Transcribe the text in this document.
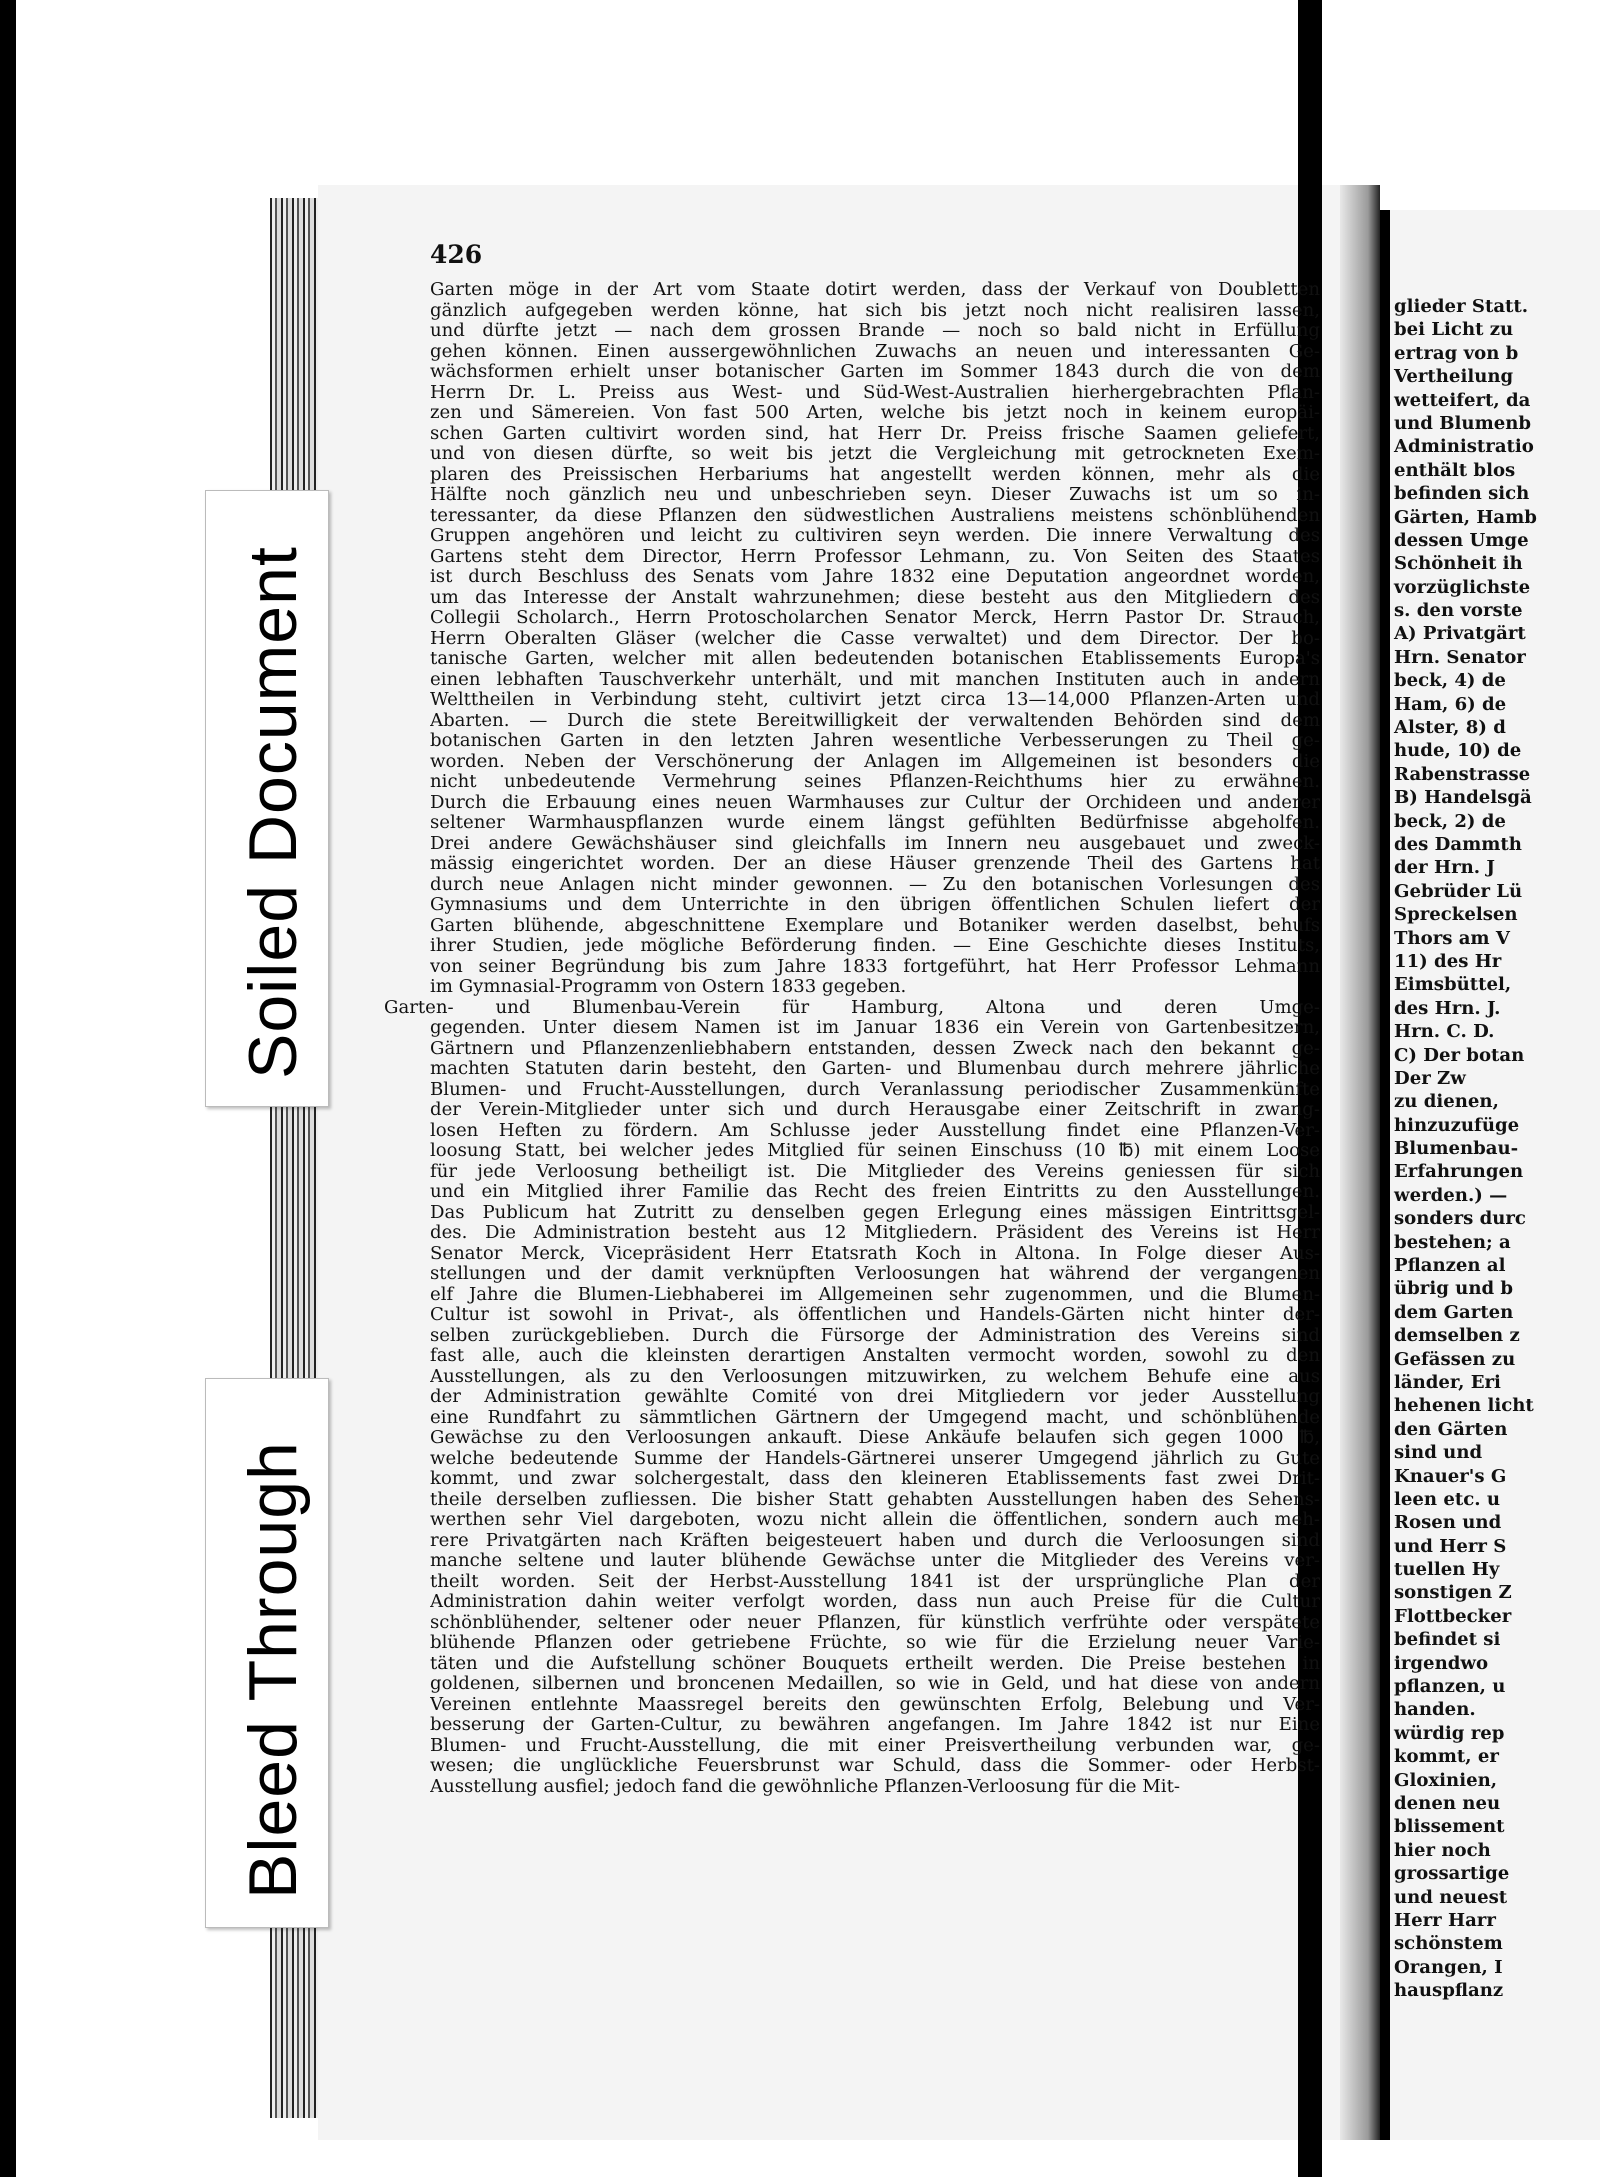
glieder Statt.
bei Licht zu
ertrag von b
Vertheilung
wetteifert, da
und Blumenb
Administratio
enthält blos
befinden sich
Gärten, Hamb
dessen Umge
Schönheit ih
vorzüglichste
s. den vorste
A) Privatgärt
Hrn. Senator
beck, 4) de
Ham, 6) de
Alster, 8) d
hude, 10) de
Rabenstrasse
B) Handelsgä
beck, 2) de
des Dammth
der Hrn. J
Gebrüder Lü
Spreckelsen
Thors am V
11) des Hr
Eimsbüttel,
des Hrn. J.
Hrn. C. D.
C) Der botan
Der Zw
zu dienen,
hinzuzufüge
Blumenbau-
Erfahrungen
werden.) —
sonders durc
bestehen; a
Pflanzen al
übrig und b
dem Garten
demselben z
Gefässen zu
länder, Eri
hehenen licht
den Gärten
sind und
Knauer's G
leen etc. u
Rosen und
und Herr S
tuellen Hy
sonstigen Z
Flottbecker
befindet si
irgendwo
pflanzen, u
handen.
würdig rep
kommt, er
Gloxinien,
denen neu
blissement
hier noch
grossartige
und neuest
Herr Harr
schönstem
Orangen, I
hauspflanz
Soiled Document
Bleed Through
426
Garten möge in der Art vom Staate dotirt werden, dass der Verkauf von Doubletten
gänzlich aufgegeben werden könne, hat sich bis jetzt noch nicht realisiren lassen,
und dürfte jetzt — nach dem grossen Brande — noch so bald nicht in Erfüllung
gehen können. Einen aussergewöhnlichen Zuwachs an neuen und interessanten Ge-
wächsformen erhielt unser botanischer Garten im Sommer 1843 durch die von dem
Herrn Dr. L. Preiss aus West- und Süd-West-Australien hierhergebrachten Pflan-
zen und Sämereien. Von fast 500 Arten, welche bis jetzt noch in keinem europäi-
schen Garten cultivirt worden sind, hat Herr Dr. Preiss frische Saamen geliefert,
und von diesen dürfte, so weit bis jetzt die Vergleichung mit getrockneten Exem-
plaren des Preissischen Herbariums hat angestellt werden können, mehr als die
Hälfte noch gänzlich neu und unbeschrieben seyn. Dieser Zuwachs ist um so in-
teressanter, da diese Pflanzen den südwestlichen Australiens meistens schönblühenden
Gruppen angehören und leicht zu cultiviren seyn werden. Die innere Verwaltung des
Gartens steht dem Director, Herrn Professor Lehmann, zu. Von Seiten des Staates
ist durch Beschluss des Senats vom Jahre 1832 eine Deputation angeordnet worden,
um das Interesse der Anstalt wahrzunehmen; diese besteht aus den Mitgliedern des
Collegii Scholarch., Herrn Protoscholarchen Senator Merck, Herrn Pastor Dr. Strauch,
Herrn Oberalten Gläser (welcher die Casse verwaltet) und dem Director. Der bo-
tanische Garten, welcher mit allen bedeutenden botanischen Etablissements Europa's
einen lebhaften Tauschverkehr unterhält, und mit manchen Instituten auch in andern
Welttheilen in Verbindung steht, cultivirt jetzt circa 13—14,000 Pflanzen-Arten und
Abarten. — Durch die stete Bereitwilligkeit der verwaltenden Behörden sind dem
botanischen Garten in den letzten Jahren wesentliche Verbesserungen zu Theil ge-
worden. Neben der Verschönerung der Anlagen im Allgemeinen ist besonders die
nicht unbedeutende Vermehrung seines Pflanzen-Reichthums hier zu erwähnen.
Durch die Erbauung eines neuen Warmhauses zur Cultur der Orchideen und anderer
seltener Warmhauspflanzen wurde einem längst gefühlten Bedürfnisse abgeholfen.
Drei andere Gewächshäuser sind gleichfalls im Innern neu ausgebauet und zweck-
mässig eingerichtet worden. Der an diese Häuser grenzende Theil des Gartens hat
durch neue Anlagen nicht minder gewonnen. — Zu den botanischen Vorlesungen des
Gymnasiums und dem Unterrichte in den übrigen öffentlichen Schulen liefert der
Garten blühende, abgeschnittene Exemplare und Botaniker werden daselbst, behufs
ihrer Studien, jede mögliche Beförderung finden. — Eine Geschichte dieses Instituts,
von seiner Begründung bis zum Jahre 1833 fortgeführt, hat Herr Professor Lehmann
im Gymnasial-Programm von Ostern 1833 gegeben.
Garten- und Blumenbau-Verein für Hamburg, Altona und deren Umge-
gegenden. Unter diesem Namen ist im Januar 1836 ein Verein von Gartenbesitzern,
Gärtnern und Pflanzenzenliebhabern entstanden, dessen Zweck nach den bekannt ge-
machten Statuten darin besteht, den Garten- und Blumenbau durch mehrere jährliche
Blumen- und Frucht-Ausstellungen, durch Veranlassung periodischer Zusammenkünfte
der Verein-Mitglieder unter sich und durch Herausgabe einer Zeitschrift in zwang-
losen Heften zu fördern. Am Schlusse jeder Ausstellung findet eine Pflanzen-Ver-
loosung Statt, bei welcher jedes Mitglied für seinen Einschuss (10 ℔) mit einem Loose
für jede Verloosung betheiligt ist. Die Mitglieder des Vereins geniessen für sich
und ein Mitglied ihrer Familie das Recht des freien Eintritts zu den Ausstellungen.
Das Publicum hat Zutritt zu denselben gegen Erlegung eines mässigen Eintrittsgel-
des. Die Administration besteht aus 12 Mitgliedern. Präsident des Vereins ist Herr
Senator Merck, Vicepräsident Herr Etatsrath Koch in Altona. In Folge dieser Aus-
stellungen und der damit verknüpften Verloosungen hat während der vergangenen
elf Jahre die Blumen-Liebhaberei im Allgemeinen sehr zugenommen, und die Blumen-
Cultur ist sowohl in Privat-, als öffentlichen und Handels-Gärten nicht hinter der-
selben zurückgeblieben. Durch die Fürsorge der Administration des Vereins sind
fast alle, auch die kleinsten derartigen Anstalten vermocht worden, sowohl zu den
Ausstellungen, als zu den Verloosungen mitzuwirken, zu welchem Behufe eine aus
der Administration gewählte Comité von drei Mitgliedern vor jeder Ausstellung
eine Rundfahrt zu sämmtlichen Gärtnern der Umgegend macht, und schönblühende
Gewächse zu den Verloosungen ankauft. Diese Ankäufe belaufen sich gegen 1000 ℔,
welche bedeutende Summe der Handels-Gärtnerei unserer Umgegend jährlich zu Gute
kommt, und zwar solchergestalt, dass den kleineren Etablissements fast zwei Drit-
theile derselben zufliessen. Die bisher Statt gehabten Ausstellungen haben des Sehens-
werthen sehr Viel dargeboten, wozu nicht allein die öffentlichen, sondern auch meh-
rere Privatgärten nach Kräften beigesteuert haben und durch die Verloosungen sind
manche seltene und lauter blühende Gewächse unter die Mitglieder des Vereins ver-
theilt worden. Seit der Herbst-Ausstellung 1841 ist der ursprüngliche Plan der
Administration dahin weiter verfolgt worden, dass nun auch Preise für die Cultur
schönblühender, seltener oder neuer Pflanzen, für künstlich verfrühte oder verspätete
blühende Pflanzen oder getriebene Früchte, so wie für die Erzielung neuer Varie-
täten und die Aufstellung schöner Bouquets ertheilt werden. Die Preise bestehen in
goldenen, silbernen und broncenen Medaillen, so wie in Geld, und hat diese von andern
Vereinen entlehnte Maassregel bereits den gewünschten Erfolg, Belebung und Ver-
besserung der Garten-Cultur, zu bewähren angefangen. Im Jahre 1842 ist nur Eine
Blumen- und Frucht-Ausstellung, die mit einer Preisvertheilung verbunden war, ge-
wesen; die unglückliche Feuersbrunst war Schuld, dass die Sommer- oder Herbst-
Ausstellung ausfiel; jedoch fand die gewöhnliche Pflanzen-Verloosung für die Mit-
